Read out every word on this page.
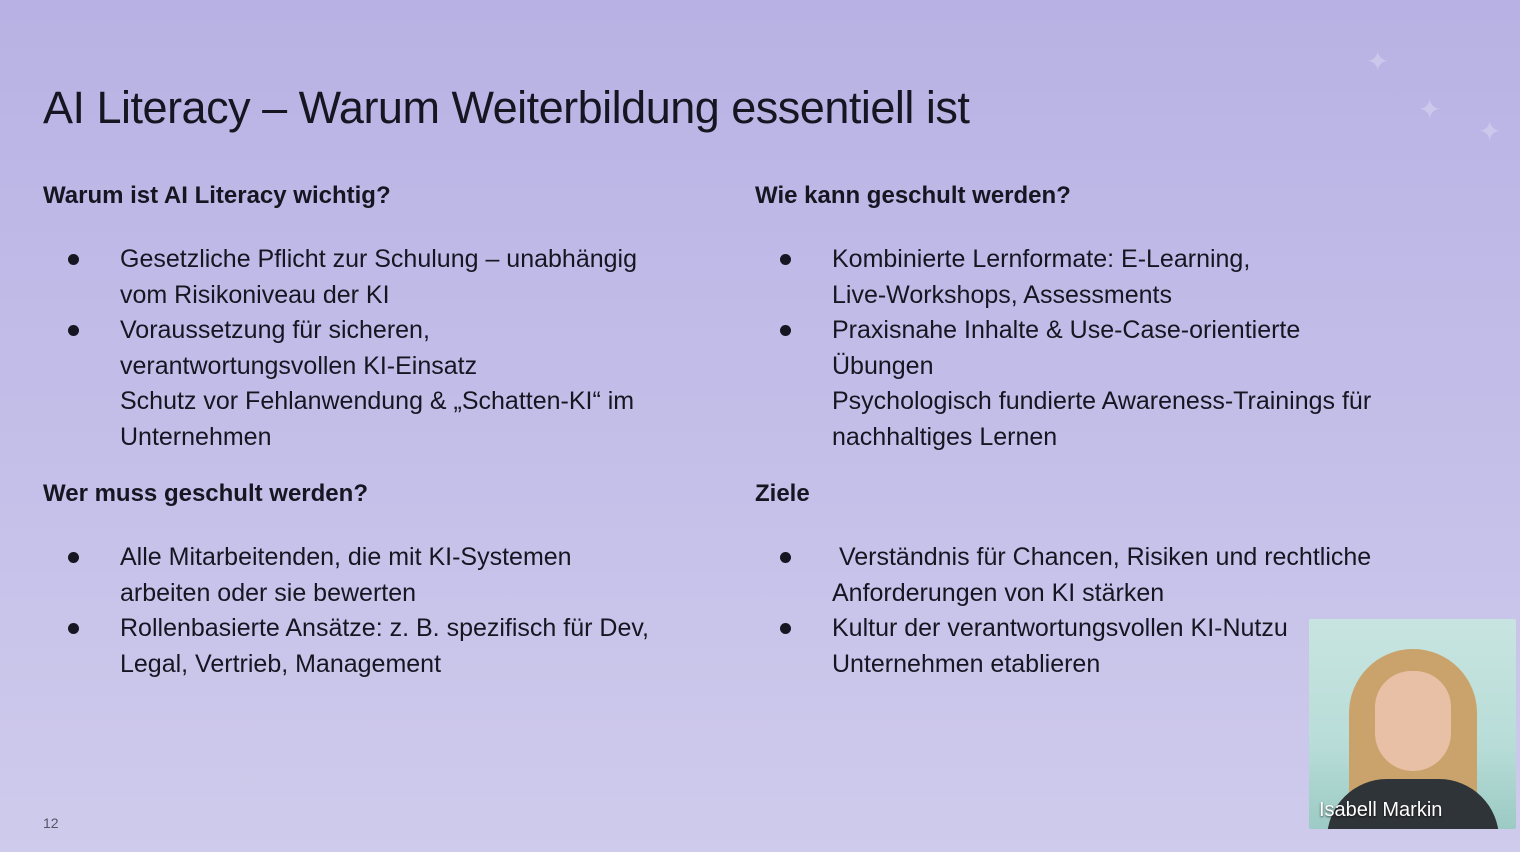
✦
✦
✦
AI Literacy – Warum Weiterbildung essentiell ist
Warum ist AI Literacy wichtig?
Gesetzliche Pflicht zur Schulung – unabhängig vom Risikoniveau der KI
Voraussetzung für sicheren, verantwortungsvollen KI-Einsatz
Schutz vor Fehlanwendung & „Schatten-KI“ im Unternehmen
Wer muss geschult werden?
Alle Mitarbeitenden, die mit KI-Systemen arbeiten oder sie bewerten
Rollenbasierte Ansätze: z. B. spezifisch für Dev, Legal, Vertrieb, Management
Wie kann geschult werden?
Kombinierte Lernformate: E-Learning, Live-Workshops, Assessments
Praxisnahe Inhalte & Use-Case-orientierte Übungen
Psychologisch fundierte Awareness-Trainings für nachhaltiges Lernen
Ziele
Verständnis für Chancen, Risiken und rechtliche Anforderungen von KI stärken
Kultur der verantwortungsvollen KI-Nutzu
Unternehmen etablieren
12
Isabell Markin
